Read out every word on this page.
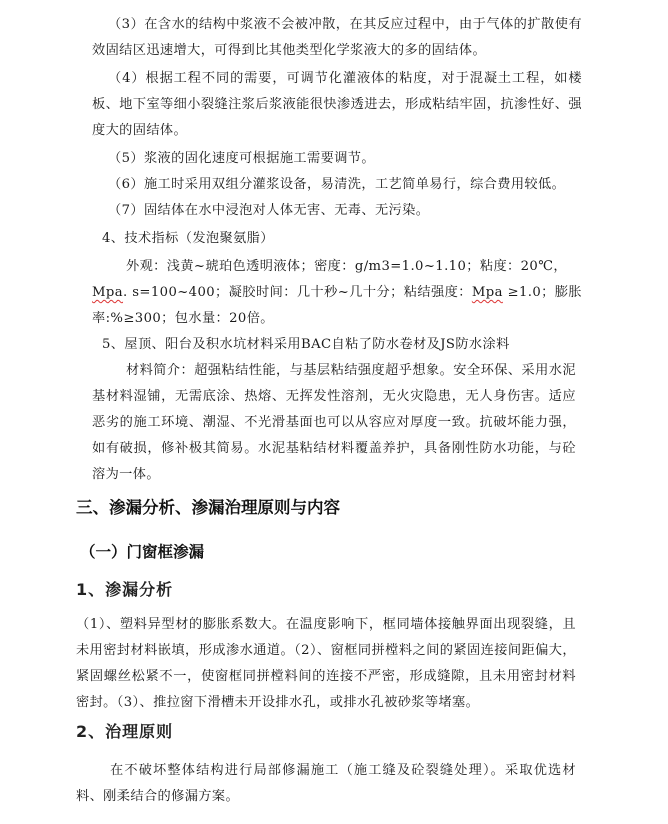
（3）在含水的结构中浆液不会被冲散，在其反应过程中，由于气体的扩散使有效固结区迅速增大，可得到比其他类型化学浆液大的多的固结体。

（4）根据工程不同的需要，可调节化灌液体的粘度，对于混凝土工程，如楼板、地下室等细小裂缝注浆后浆液能很快渗透进去，形成粘结牢固，抗渗性好、强度大的固结体。

（5）浆液的固化速度可根据施工需要调节。

（6）施工时采用双组分灌浆设备，易清洗，工艺简单易行，综合费用较低。

（7）固结体在水中浸泡对人体无害、无毒、无污染。

4、技术指标（发泡聚氨脂）

外观：浅黄~琥珀色透明液体；密度：g/m3=1.0~1.10；粘度：20℃，

Mpa. s=100~400；凝胶时间：几十秒~几十分；粘结强度：Mpa ≥1.0；膨胀率:%≥300；包水量：20倍。

5、屋顶、阳台及积水坑材料采用BAC自粘了防水卷材及JS防水涂料

材料简介：超强粘结性能，与基层粘结强度超乎想象。安全环保、采用水泥基材料湿铺，无需底涂、热熔、无挥发性溶剂，无火灾隐患，无人身伤害。适应恶劣的施工环境、潮湿、不光滑基面也可以从容应对厚度一致。抗破坏能力强，如有破损，修补极其简易。水泥基粘结材料覆盖养护，具备刚性防水功能，与砼溶为一体。

三、渗漏分析、渗漏治理原则与内容
（一）门窗框渗漏
1、渗漏分析

（1）、塑料异型材的膨胀系数大。在温度影响下，框同墙体接触界面出现裂缝，且未用密封材料嵌填，形成渗水通道。（2）、窗框同拼樘料之间的紧固连接间距偏大，紧固螺丝松紧不一，使窗框同拼樘料间的连接不严密，形成缝隙，且未用密封材料密封。（3）、推拉窗下滑槽未开设排水孔，或排水孔被砂浆等堵塞。

2、治理原则

在不破坏整体结构进行局部修漏施工（施工缝及砼裂缝处理）。采取优选材料、刚柔结合的修漏方案。
